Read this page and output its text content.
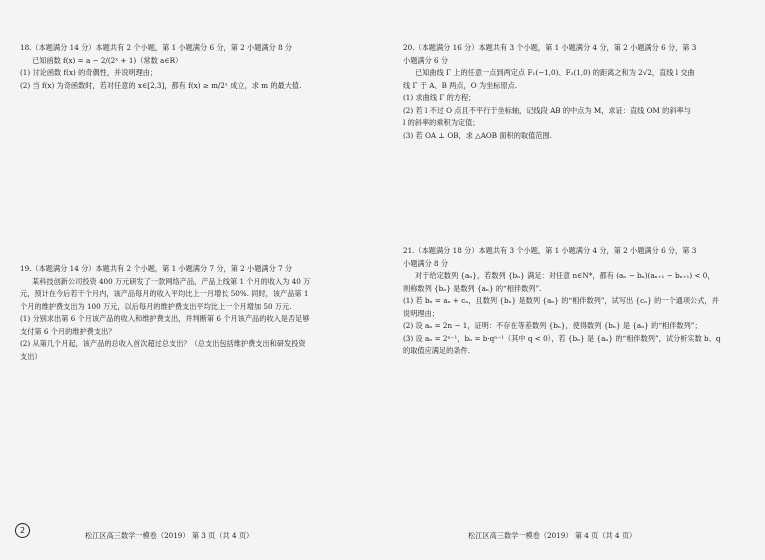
18.（本题满分 14 分）本题共有 2 个小题，第 1 小题满分 6 分，第 2 小题满分 8 分

已知函数 f(x) = a − 2/(2ˣ + 1)（常数 a∈R）

(1) 讨论函数 f(x) 的奇偶性，并说明理由；

(2) 当 f(x) 为奇函数时，若对任意的 x∈[2,3]，都有 f(x) ≥ m/2ˣ 成立，求 m 的最大值.

19.（本题满分 14 分）本题共有 2 个小题，第 1 小题满分 7 分，第 2 小题满分 7 分

某科技创新公司投资 400 万元研发了一款网络产品，产品上线第 1 个月的收入为 40 万

元，预计在今后若干个月内，该产品每月的收入平均比上一月增长 50%. 同时，该产品第 1

个月的维护费支出为 100 万元，以后每月的维护费支出平均比上一个月增加 50 万元.

(1) 分别求出第 6 个月该产品的收入和维护费支出，并判断第 6 个月该产品的收入是否足够

支付第 6 个月的维护费支出？

(2) 从第几个月起，该产品的总收入首次超过总支出？（总支出包括维护费支出和研发投资

支出）

2
松江区高三数学一模卷（2019） 第 3 页（共 4 页）

20.（本题满分 16 分）本题共有 3 个小题，第 1 小题满分 4 分，第 2 小题满分 6 分，第 3

小题满分 6 分

已知曲线 Γ 上的任意一点到两定点 F₁(−1,0)、F₂(1,0) 的距离之和为 2√2，直线 l 交曲

线 Γ 于 A、B 两点，O 为坐标原点.

(1) 求曲线 Γ 的方程；

(2) 若 l 不过 O 点且不平行于坐标轴，记线段 AB 的中点为 M，求证：直线 OM 的斜率与

l 的斜率的乘积为定值；

(3) 若 OA ⊥ OB，求 △AOB 面积的取值范围.

21.（本题满分 18 分）本题共有 3 个小题，第 1 小题满分 4 分，第 2 小题满分 6 分，第 3

小题满分 8 分

对于给定数列 {aₙ}，若数列 {bₙ} 满足：对任意 n∈N*，都有 (aₙ − bₙ)(aₙ₊₁ − bₙ₊₁) < 0，

则称数列 {bₙ} 是数列 {aₙ} 的“相伴数列”.

(1) 若 bₙ = aₙ + cₙ，且数列 {bₙ} 是数列 {aₙ} 的“相伴数列”，试写出 {cₙ} 的一个通项公式，并

说明理由；

(2) 设 aₙ = 2n − 1，证明：不存在等差数列 {bₙ}，使得数列 {bₙ} 是 {aₙ} 的“相伴数列”；

(3) 设 aₙ = 2ⁿ⁻¹，bₙ = b·qⁿ⁻¹（其中 q < 0），若 {bₙ} 是 {aₙ} 的“相伴数列”，试分析实数 b、q

的取值应满足的条件.

松江区高三数学一模卷（2019） 第 4 页（共 4 页）
